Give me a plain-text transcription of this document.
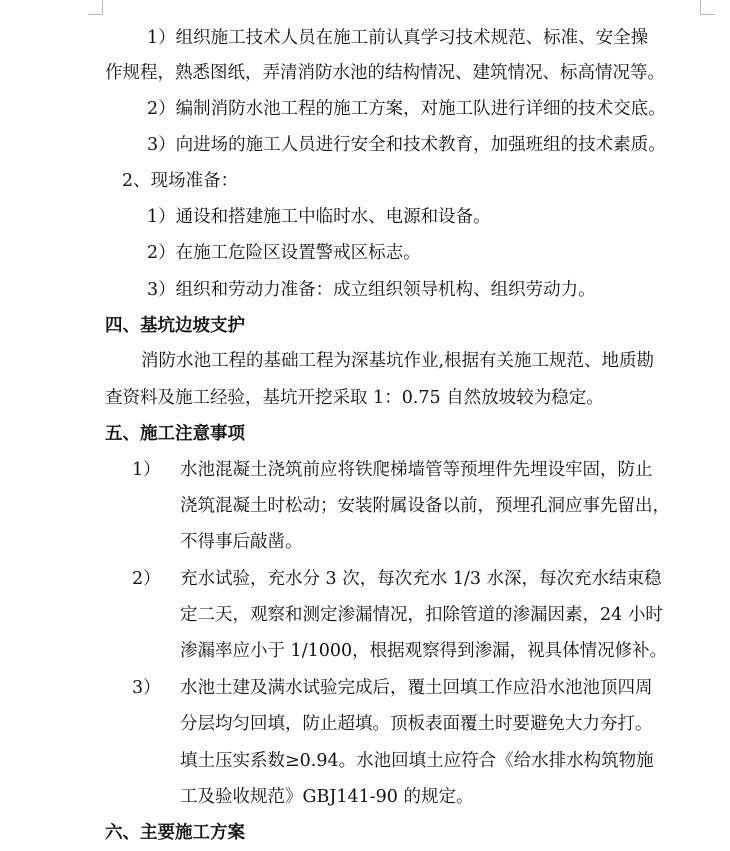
1）组织施工技术人员在施工前认真学习技术规范、标准、安全操
作规程，熟悉图纸，弄清消防水池的结构情况、建筑情况、标高情况等。
2）编制消防水池工程的施工方案，对施工队进行详细的技术交底。
3）向进场的施工人员进行安全和技术教育，加强班组的技术素质。
2、现场准备：
1）通设和搭建施工中临时水、电源和设备。
2）在施工危险区设置警戒区标志。
3）组织和劳动力准备：成立组织领导机构、组织劳动力。
四、基坑边坡支护
消防水池工程的基础工程为深基坑作业,根据有关施工规范、地质勘
查资料及施工经验，基坑开挖采取 1：0.75 自然放坡较为稳定。
五、施工注意事项
1） 水池混凝土浇筑前应将铁爬梯墙管等预埋件先埋设牢固，防止
浇筑混凝土时松动；安装附属设备以前，预埋孔洞应事先留出，
不得事后敲凿。
2） 充水试验，充水分 3 次，每次充水 1/3 水深，每次充水结束稳
定二天，观察和测定渗漏情况，扣除管道的渗漏因素，24 小时
渗漏率应小于 1/1000，根据观察得到渗漏，视具体情况修补。
3） 水池土建及满水试验完成后，覆土回填工作应沿水池池顶四周
分层均匀回填，防止超填。顶板表面覆土时要避免大力夯打。
填土压实系数≥0.94。水池回填土应符合《给水排水构筑物施
工及验收规范》GBJ141-90 的规定。
六、主要施工方案
